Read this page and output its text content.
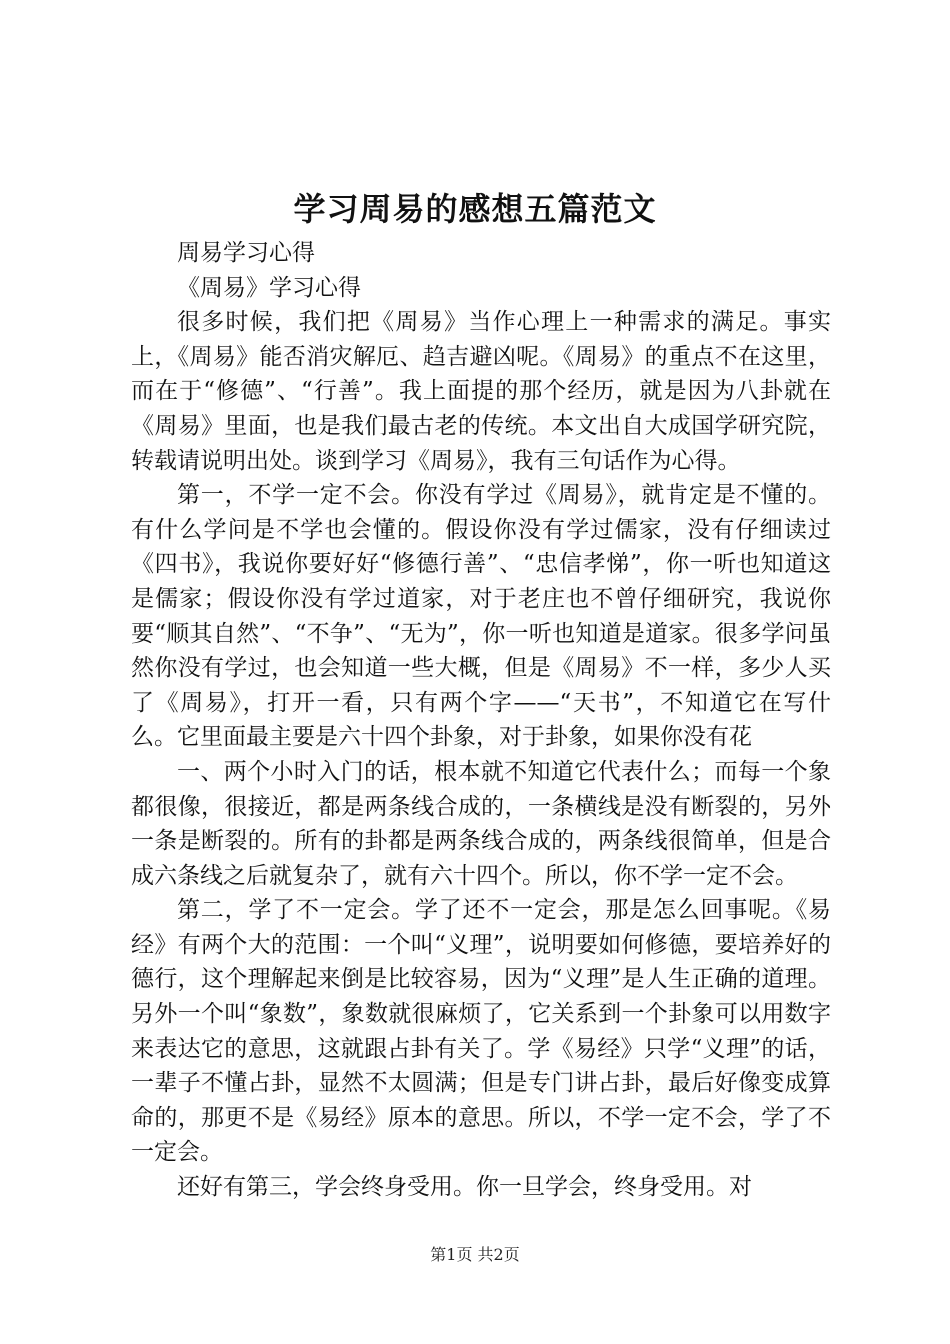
学习周易的感想五篇范文

周易学习心得

《周易》学习心得

很多时候，我们把《周易》当作心理上一种需求的满足。事实上，《周易》能否消灾解厄、趋吉避凶呢。《周易》的重点不在这里，而在于“修德”、“行善”。我上面提的那个经历，就是因为八卦就在《周易》里面，也是我们最古老的传统。本文出自大成国学研究院，转载请说明出处。谈到学习《周易》，我有三句话作为心得。

第一，不学一定不会。你没有学过《周易》，就肯定是不懂的。有什么学问是不学也会懂的。假设你没有学过儒家，没有仔细读过《四书》，我说你要好好“修德行善”、“忠信孝悌”，你一听也知道这是儒家；假设你没有学过道家，对于老庄也不曾仔细研究，我说你要“顺其自然”、“不争”、“无为”，你一听也知道是道家。很多学问虽然你没有学过，也会知道一些大概，但是《周易》不一样，多少人买了《周易》，打开一看，只有两个字——“天书”，不知道它在写什么。它里面最主要是六十四个卦象，对于卦象，如果你没有花

一、两个小时入门的话，根本就不知道它代表什么；而每一个象都很像，很接近，都是两条线合成的，一条横线是没有断裂的，另外一条是断裂的。所有的卦都是两条线合成的，两条线很简单，但是合成六条线之后就复杂了，就有六十四个。所以，你不学一定不会。

第二，学了不一定会。学了还不一定会，那是怎么回事呢。《易经》有两个大的范围：一个叫“义理”，说明要如何修德，要培养好的德行，这个理解起来倒是比较容易，因为“义理”是人生正确的道理。另外一个叫“象数”，象数就很麻烦了，它关系到一个卦象可以用数字来表达它的意思，这就跟占卦有关了。学《易经》只学“义理”的话，一辈子不懂占卦，显然不太圆满；但是专门讲占卦，最后好像变成算命的，那更不是《易经》原本的意思。所以，不学一定不会，学了不一定会。

还好有第三，学会终身受用。你一旦学会，终身受用。对

第1页 共2页
